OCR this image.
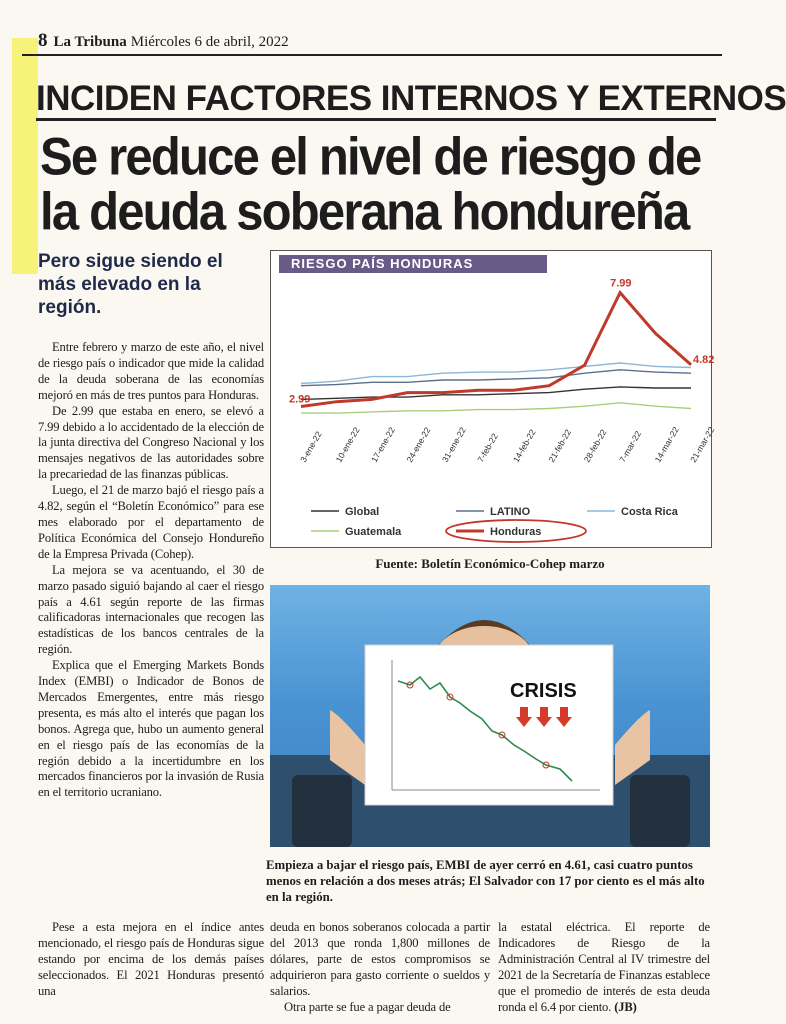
8 La Tribuna Miércoles 6 de abril, 2022
INCIDEN FACTORES INTERNOS Y EXTERNOS
Se reduce el nivel de riesgo de
la deuda soberana hondureña
Pero sigue siendo el más elevado en la región.

Entre febrero y marzo de este año, el nivel de riesgo país o indicador que mide la calidad de la deuda soberana de las economías mejoró en más de tres puntos para Honduras.

De 2.99 que estaba en enero, se elevó a 7.99 debido a lo accidentado de la elección de la junta directiva del Congreso Nacional y los mensajes negativos de las autoridades sobre la precariedad de las finanzas públicas.

Luego, el 21 de marzo bajó el riesgo país a 4.82, según el “Boletín Económico” para ese mes elaborado por el departamento de Política Económica del Consejo Hondureño de la Empresa Privada (Cohep).

La mejora se va acentuando, el 30 de marzo pasado siguió bajando al caer el riesgo país a 4.61 según reporte de las firmas calificadoras internacionales que recogen las estadísticas de los bancos centrales de la región.

Explica que el Emerging Markets Bonds Index (EMBI) o Indicador de Bonos de Mercados Emergentes, entre más riesgo presenta, es más alto el interés que pagan los bonos. Agrega que, hubo un aumento general en el riesgo país de las economías de la región debido a la incertidumbre en los mercados financieros por la invasión de Rusia en el territorio ucraniano.

Pese a esta mejora en el índice antes mencionado, el riesgo país de Honduras sigue estando por encima de los demás países seleccionados. El 2021 Honduras presentó una

deuda en bonos soberanos colocada a partir del 2013 que ronda 1,800 millones de dólares, parte de estos compromisos se adquirieron para gasto corriente o sueldos y salarios.

Otra parte se fue a pagar deuda de

la estatal eléctrica. El reporte de Indicadores de Riesgo de la Administración Central al IV trimestre del 2021 de la Secretaría de Finanzas establece que el promedio de interés de esta deuda ronda el 6.4 por ciento. (JB)

RIESGO PAÍS HONDURAS
3-ene-22 10-ene-22 17-ene-22 24-ene-22 31-ene-22 7-feb-22 14-feb-22 21-feb-22 28-feb-22 7-mar-22 14-mar-22 21-mar-22
7.99
2.99
4.82
Global	LATINO	Costa Rica
Guatemala	Honduras
Fuente: Boletín Económico-Cohep marzo
CRISIS
Empieza a bajar el riesgo país, EMBI de ayer cerró en 4.61, casi cuatro puntos menos en relación a dos meses atrás; El Salvador con 17 por ciento es el más alto en la región.
